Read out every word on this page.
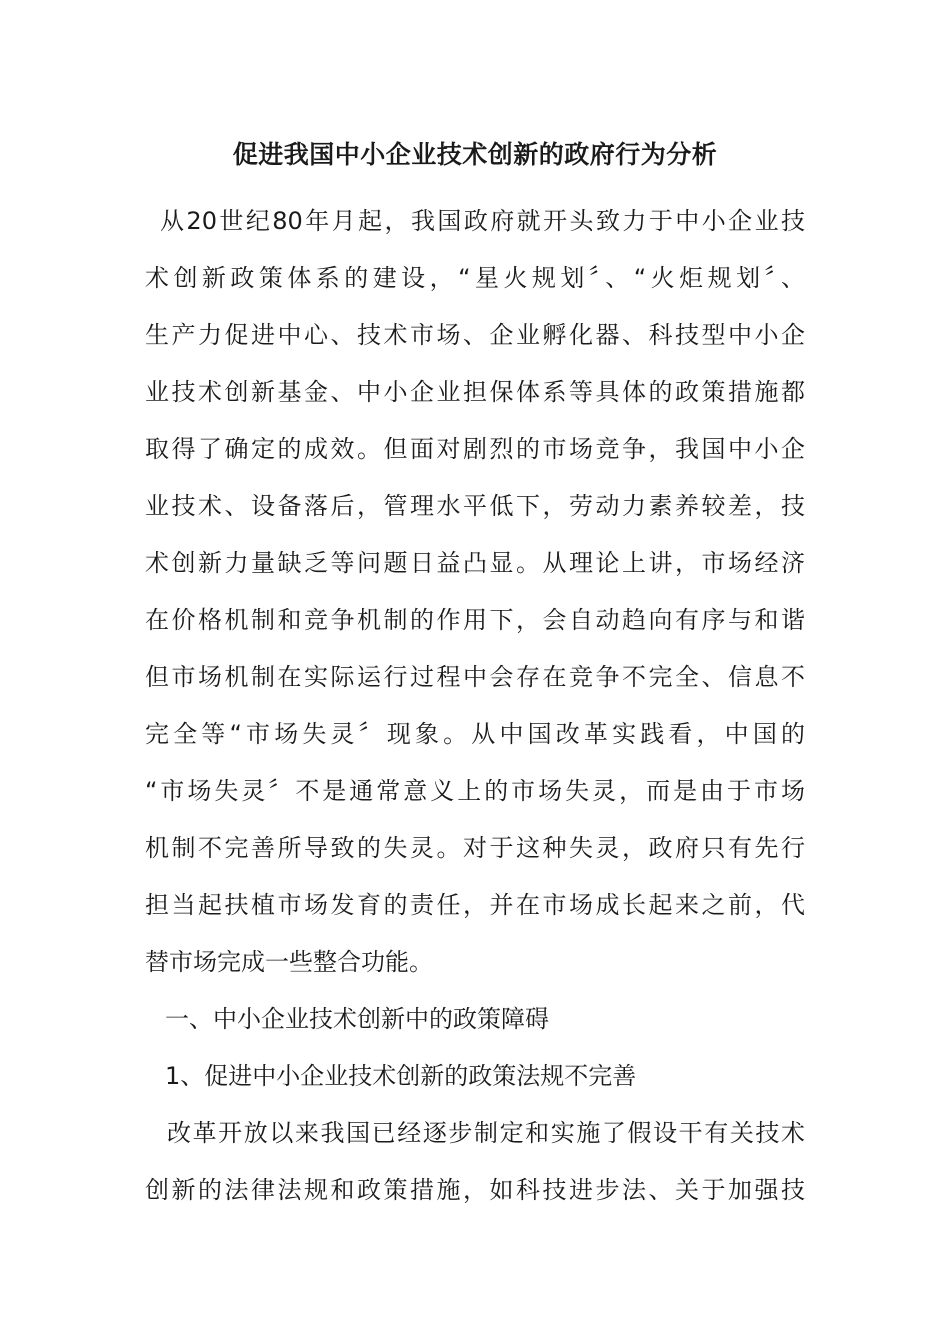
促进我国中小企业技术创新的政府行为分析
从20世纪80年月起，我国政府就开头致力于中小企业技
术创新政策体系的建设，“星火规划〞、“火炬规划〞、
生产力促进中心、技术市场、企业孵化器、科技型中小企
业技术创新基金、中小企业担保体系等具体的政策措施都
取得了确定的成效。但面对剧烈的市场竞争，我国中小企
业技术、设备落后，管理水平低下，劳动力素养较差，技
术创新力量缺乏等问题日益凸显。从理论上讲，市场经济
在价格机制和竞争机制的作用下，会自动趋向有序与和谐
但市场机制在实际运行过程中会存在竞争不完全、信息不
完全等“市场失灵〞现象。从中国改革实践看，中国的
“市场失灵〞不是通常意义上的市场失灵，而是由于市场
机制不完善所导致的失灵。对于这种失灵，政府只有先行
担当起扶植市场发育的责任，并在市场成长起来之前，代
替市场完成一些整合功能。
一、中小企业技术创新中的政策障碍
1、促进中小企业技术创新的政策法规不完善
改革开放以来我国已经逐步制定和实施了假设干有关技术
创新的法律法规和政策措施，如科技进步法、关于加强技
